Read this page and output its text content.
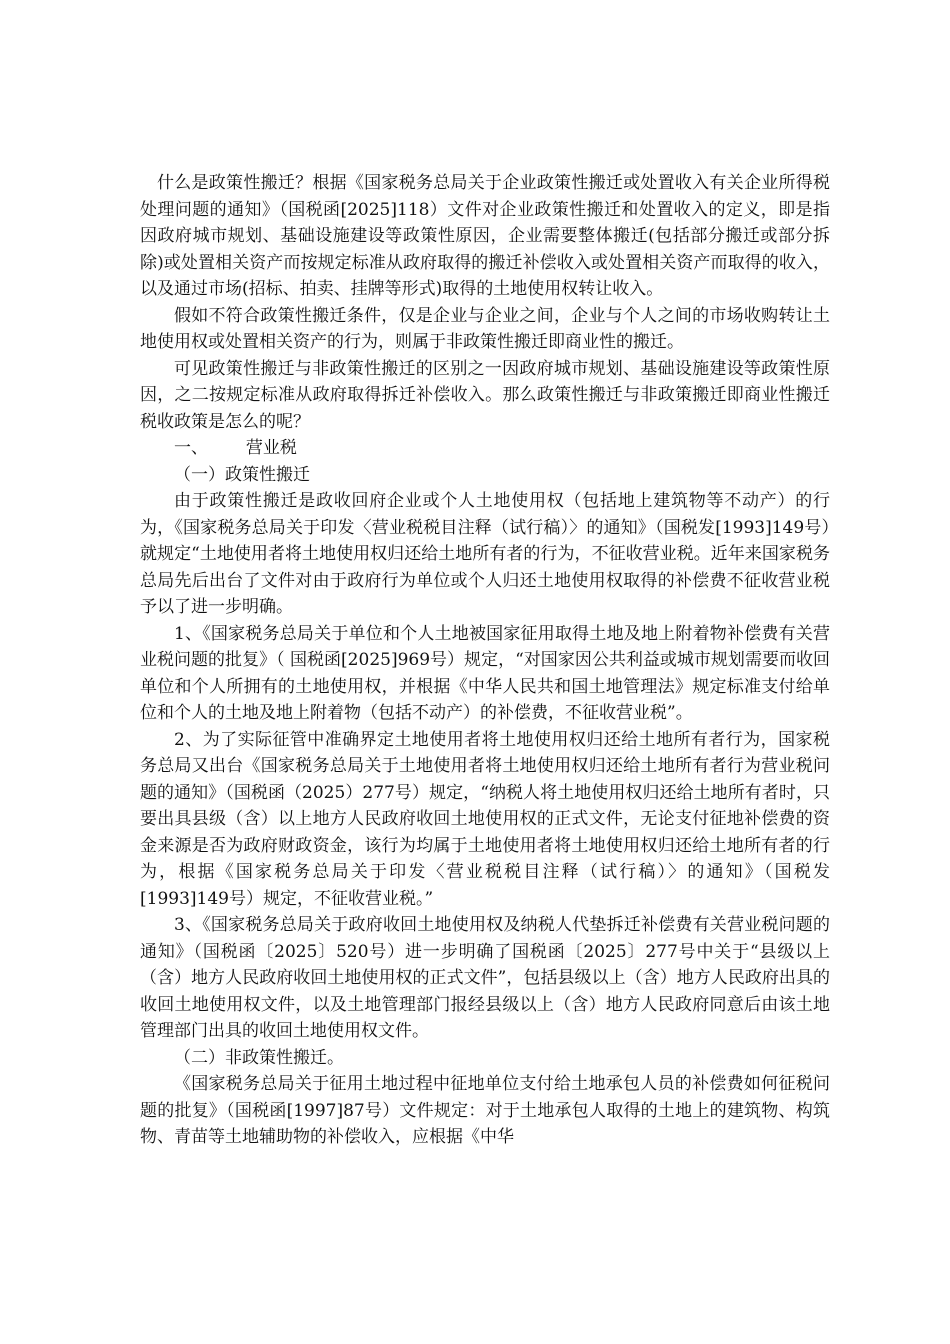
什么是政策性搬迁？根据《国家税务总局关于企业政策性搬迁或处置收入有关企业所得税处理问题的通知》（国税函[2025]118）文件对企业政策性搬迁和处置收入的定义，即是指因政府城市规划、基础设施建设等政策性原因，企业需要整体搬迁(包括部分搬迁或部分拆除)或处置相关资产而按规定标准从政府取得的搬迁补偿收入或处置相关资产而取得的收入，以及通过市场(招标、拍卖、挂牌等形式)取得的土地使用权转让收入。

假如不符合政策性搬迁条件，仅是企业与企业之间，企业与个人之间的市场收购转让土地使用权或处置相关资产的行为，则属于非政策性搬迁即商业性的搬迁。

可见政策性搬迁与非政策性搬迁的区别之一因政府城市规划、基础设施建设等政策性原因，之二按规定标准从政府取得拆迁补偿收入。那么政策性搬迁与非政策搬迁即商业性搬迁税收政策是怎么的呢？

一、       营业税

（一）政策性搬迁

由于政策性搬迁是政收回府企业或个人土地使用权（包括地上建筑物等不动产）的行为，《国家税务总局关于印发〈营业税税目注释（试行稿）〉的通知》（国税发[1993]149号）就规定“土地使用者将土地使用权归还给土地所有者的行为，不征收营业税。近年来国家税务总局先后出台了文件对由于政府行为单位或个人归还土地使用权取得的补偿费不征收营业税予以了进一步明确。

1、《国家税务总局关于单位和个人土地被国家征用取得土地及地上附着物补偿费有关营业税问题的批复》（ 国税函[2025]969号）规定，“对国家因公共利益或城市规划需要而收回单位和个人所拥有的土地使用权，并根据《中华人民共和国土地管理法》规定标准支付给单位和个人的土地及地上附着物（包括不动产）的补偿费，不征收营业税”。

2、为了实际征管中准确界定土地使用者将土地使用权归还给土地所有者行为，国家税务总局又出台《国家税务总局关于土地使用者将土地使用权归还给土地所有者行为营业税问题的通知》（国税函（2025）277号）规定，“纳税人将土地使用权归还给土地所有者时，只要出具县级（含）以上地方人民政府收回土地使用权的正式文件，无论支付征地补偿费的资金来源是否为政府财政资金，该行为均属于土地使用者将土地使用权归还给土地所有者的行为，根据《国家税务总局关于印发〈营业税税目注释（试行稿）〉的通知》（国税发[1993]149号）规定，不征收营业税。”

3、《国家税务总局关于政府收回土地使用权及纳税人代垫拆迁补偿费有关营业税问题的通知》（国税函〔2025〕520号）进一步明确了国税函〔2025〕277号中关于“县级以上（含）地方人民政府收回土地使用权的正式文件”，包括县级以上（含）地方人民政府出具的收回土地使用权文件，以及土地管理部门报经县级以上（含）地方人民政府同意后由该土地管理部门出具的收回土地使用权文件。

（二）非政策性搬迁。

《国家税务总局关于征用土地过程中征地单位支付给土地承包人员的补偿费如何征税问题的批复》（国税函[1997]87号）文件规定：对于土地承包人取得的土地上的建筑物、构筑物、青苗等土地辅助物的补偿收入，应根据《中华
